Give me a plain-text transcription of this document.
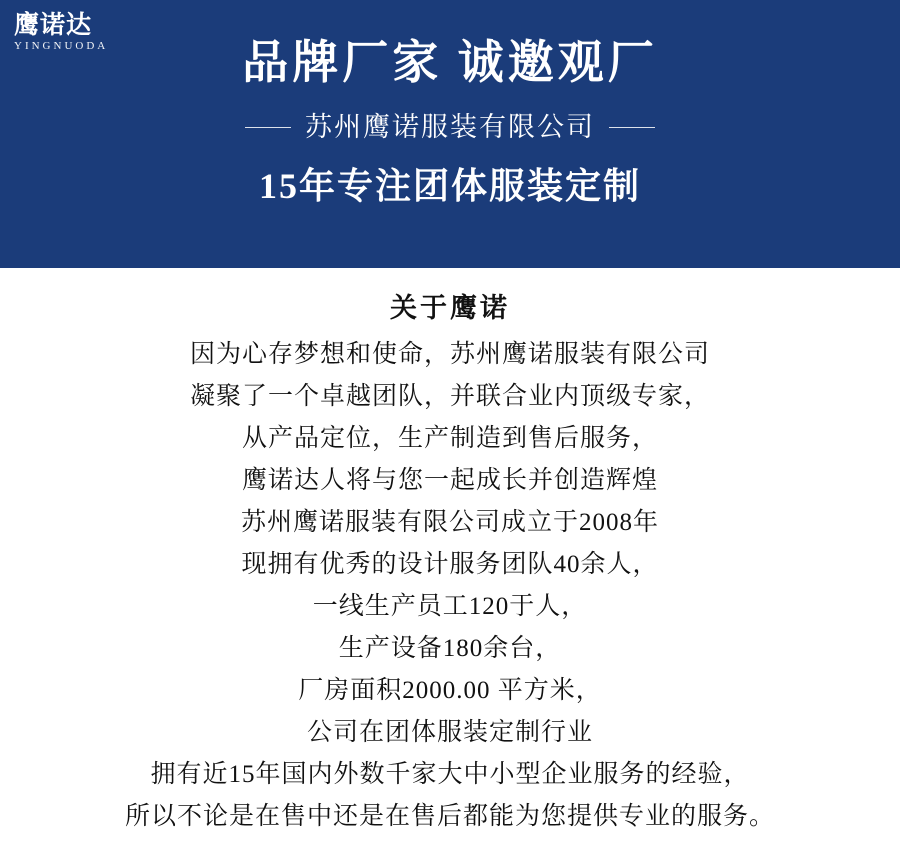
鹰诺达
YINGNUODA	品牌厂家 诚邀观厂
苏州鹰诺服装有限公司
15年专注团体服装定制
关于鹰诺
因为心存梦想和使命，苏州鹰诺服装有限公司
凝聚了一个卓越团队，并联合业内顶级专家，
从产品定位，生产制造到售后服务，
鹰诺达人将与您一起成长并创造辉煌
苏州鹰诺服装有限公司成立于2008年
现拥有优秀的设计服务团队40余人，
一线生产员工120于人，
生产设备180余台，
厂房面积2000.00 平方米，
公司在团体服装定制行业
拥有近15年国内外数千家大中小型企业服务的经验，
所以不论是在售中还是在售后都能为您提供专业的服务。
